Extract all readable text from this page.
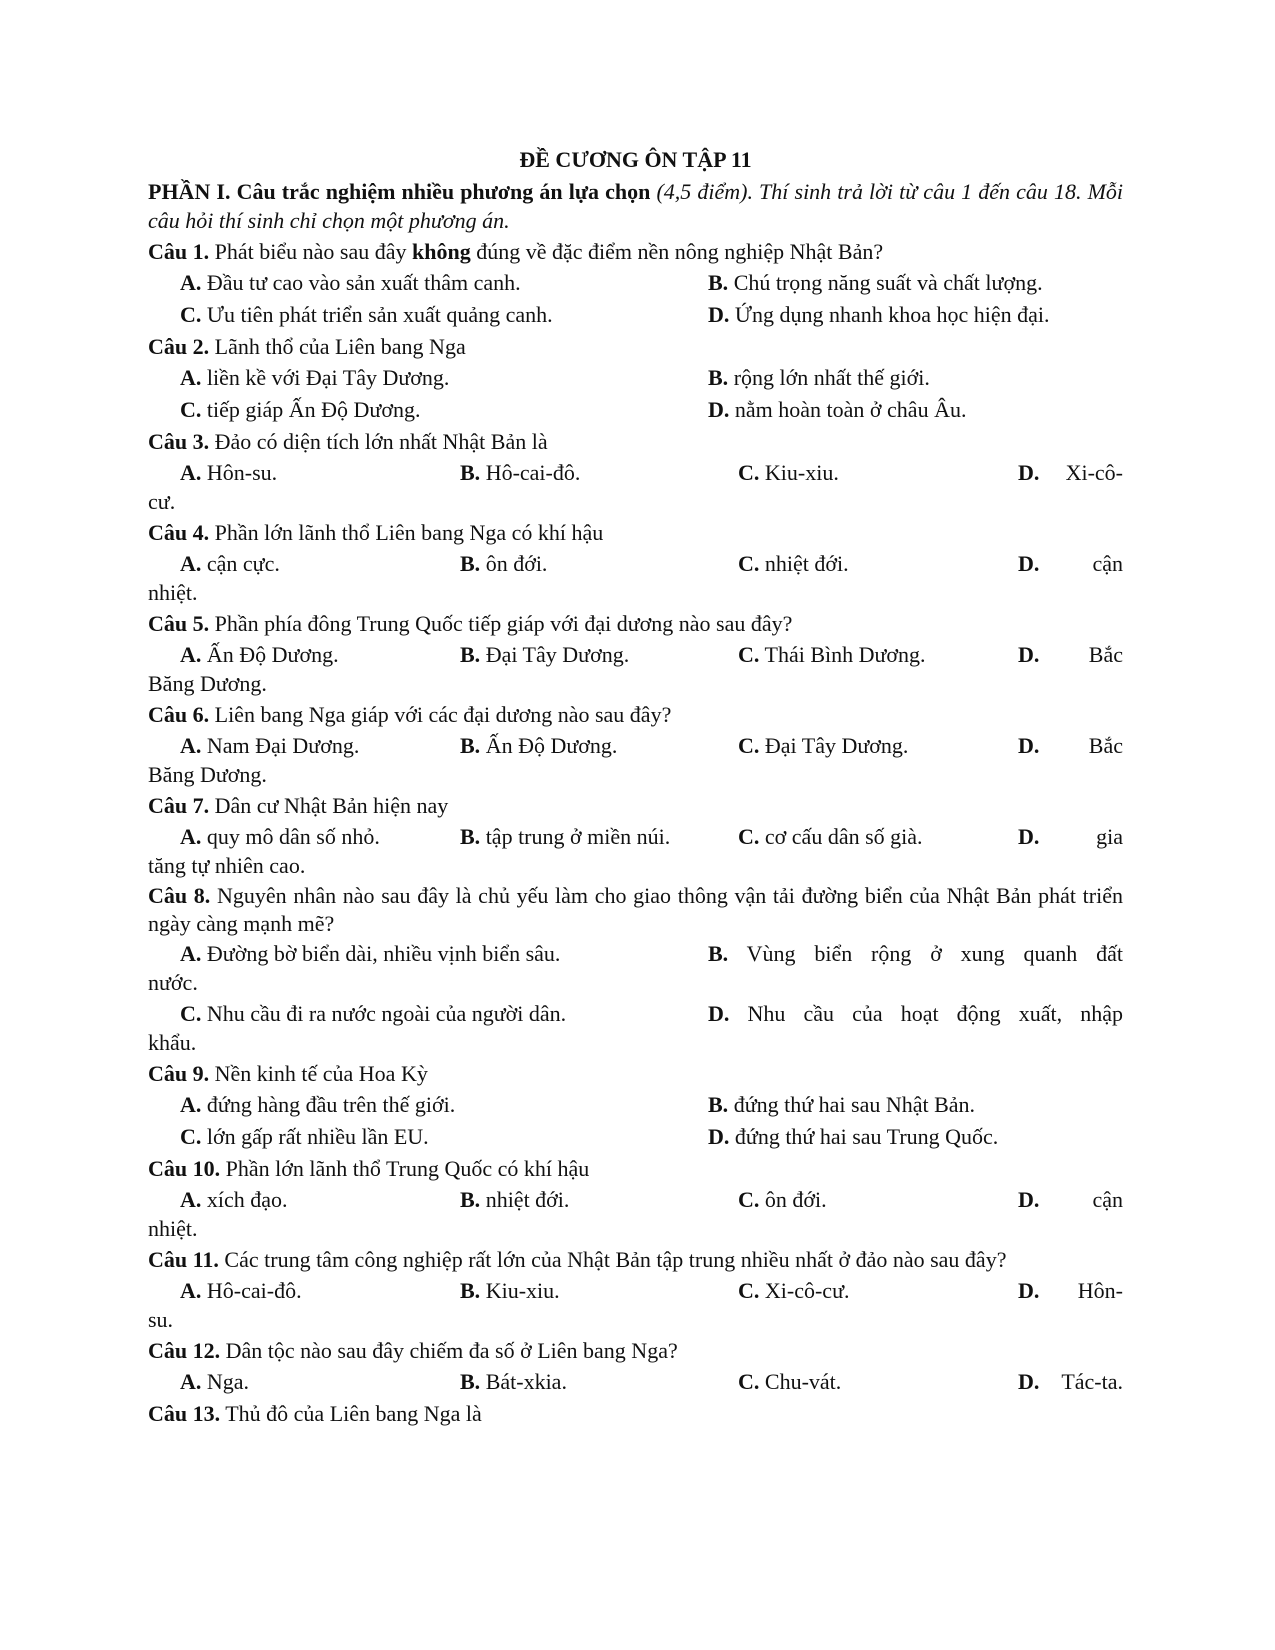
ĐỀ CƯƠNG ÔN TẬP 11
PHẦN I. Câu trắc nghiệm nhiều phương án lựa chọn (4,5 điểm). Thí sinh trả lời từ câu 1 đến câu 18. Mỗi câu hỏi thí sinh chỉ chọn một phương án.
Câu 1. Phát biểu nào sau đây không đúng về đặc điểm nền nông nghiệp Nhật Bản?
A. Đầu tư cao vào sản xuất thâm canh.	B. Chú trọng năng suất và chất lượng.
C. Ưu tiên phát triển sản xuất quảng canh.	D. Ứng dụng nhanh khoa học hiện đại.
Câu 2. Lãnh thổ của Liên bang Nga
A. liền kề với Đại Tây Dương.	B. rộng lớn nhất thế giới.
C. tiếp giáp Ấn Độ Dương.	D. nằm hoàn toàn ở châu Âu.
Câu 3. Đảo có diện tích lớn nhất Nhật Bản là
A. Hôn-su.	B. Hô-cai-đô.	C. Kiu-xiu.	D. Xi-cô-
cư.
Câu 4. Phần lớn lãnh thổ Liên bang Nga có khí hậu
A. cận cực.	B. ôn đới.	C. nhiệt đới.	D. cận
nhiệt.
Câu 5. Phần phía đông Trung Quốc tiếp giáp với đại dương nào sau đây?
A. Ấn Độ Dương.	B. Đại Tây Dương.	C. Thái Bình Dương.	D. Bắc
Băng Dương.
Câu 6. Liên bang Nga giáp với các đại dương nào sau đây?
A. Nam Đại Dương.	B. Ấn Độ Dương.	C. Đại Tây Dương.	D. Bắc
Băng Dương.
Câu 7. Dân cư Nhật Bản hiện nay
A. quy mô dân số nhỏ.	B. tập trung ở miền núi.	C. cơ cấu dân số già.	D.	gia
tăng tự nhiên cao.
Câu 8. Nguyên nhân nào sau đây là chủ yếu làm cho giao thông vận tải đường biển của Nhật Bản phát triển ngày càng mạnh mẽ?
A. Đường bờ biển dài, nhiều vịnh biển sâu.	B. Vùng biển rộng ở xung quanh đất
nước.
C. Nhu cầu đi ra nước ngoài của người dân.	D. Nhu cầu của hoạt động xuất, nhập
khẩu.
Câu 9. Nền kinh tế của Hoa Kỳ
A. đứng hàng đầu trên thế giới.	B. đứng thứ hai sau Nhật Bản.
C. lớn gấp rất nhiều lần EU.	D. đứng thứ hai sau Trung Quốc.
Câu 10. Phần lớn lãnh thổ Trung Quốc có khí hậu
A. xích đạo.	B. nhiệt đới.	C. ôn đới.	D. cận
nhiệt.
Câu 11. Các trung tâm công nghiệp rất lớn của Nhật Bản tập trung nhiều nhất ở đảo nào sau đây?
A. Hô-cai-đô.	B. Kiu-xiu.	C. Xi-cô-cư.	D. Hôn-
su.
Câu 12. Dân tộc nào sau đây chiếm đa số ở Liên bang Nga?
A. Nga.	B. Bát-xkia.	C. Chu-vát.	D. Tác-ta.
Câu 13. Thủ đô của Liên bang Nga là
